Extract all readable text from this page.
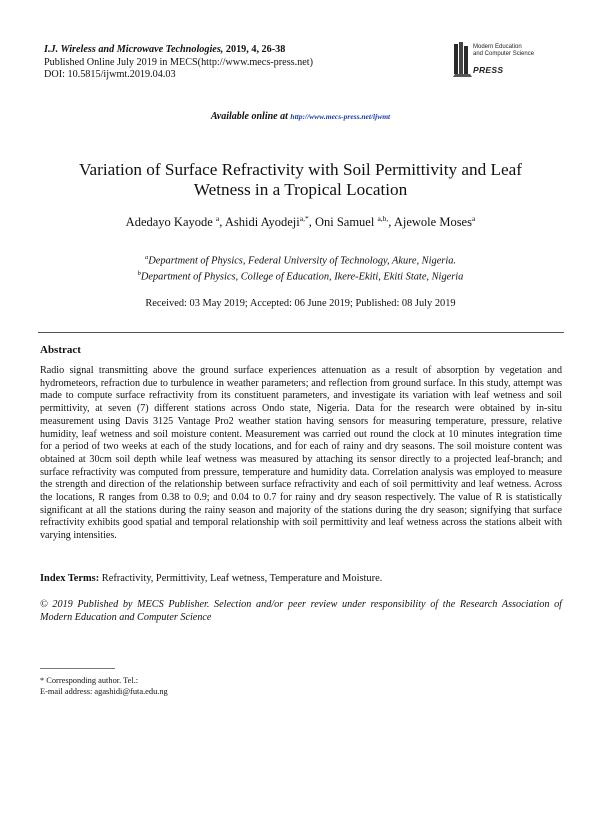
I.J. Wireless and Microwave Technologies, 2019, 4, 26-38
Published Online July 2019 in MECS(http://www.mecs-press.net)
DOI: 10.5815/ijwmt.2019.04.03
Modern Education
and Computer Science
PRESS
Available online at http://www.mecs-press.net/ijwmt
Variation of Surface Refractivity with Soil Permittivity and Leaf Wetness in a Tropical Location
Adedayo Kayode $^a$, Ashidi Ayodeji$^{a,*}$, Oni Samuel $^{a,b,}$, Ajewole Moses$^a$
$^a$Department of Physics, Federal University of Technology, Akure, Nigeria.
$^b$Department of Physics, College of Education, Ikere-Ekiti, Ekiti State, Nigeria
Received: 03 May 2019; Accepted: 06 June 2019; Published: 08 July 2019
Abstract
Radio signal transmitting above the ground surface experiences attenuation as a result of absorption by vegetation and hydrometeors, refraction due to turbulence in weather parameters; and reflection from ground surface. In this study, attempt was made to compute surface refractivity from its constituent parameters, and investigate its variation with leaf wetness and soil permittivity, at seven (7) different stations across Ondo state, Nigeria. Data for the research were obtained by in-situ measurement using Davis 3125 Vantage Pro2 weather station having sensors for measuring temperature, pressure, relative humidity, leaf wetness and soil moisture content. Measurement was carried out round the clock at 10 minutes integration time for a period of two weeks at each of the study locations, and for each of rainy and dry seasons. The soil moisture content was obtained at 30cm soil depth while leaf wetness was measured by attaching its sensor directly to a projected leaf-branch; and surface refractivity was computed from pressure, temperature and humidity data. Correlation analysis was employed to measure the strength and direction of the relationship between surface refractivity and each of soil permittivity and leaf wetness. Across the locations, R ranges from 0.38 to 0.9; and 0.04 to 0.7 for rainy and dry season respectively. The value of R is statistically significant at all the stations during the rainy season and majority of the stations during the dry season; signifying that surface refractivity exhibits good spatial and temporal relationship with soil permittivity and leaf wetness across the stations albeit with varying intensities.
Index Terms: Refractivity, Permittivity, Leaf wetness, Temperature and Moisture.
© 2019 Published by MECS Publisher. Selection and/or peer review under responsibility of the Research Association of Modern Education and Computer Science
* Corresponding author. Tel.:
E-mail address: agashidi@futa.edu.ng
